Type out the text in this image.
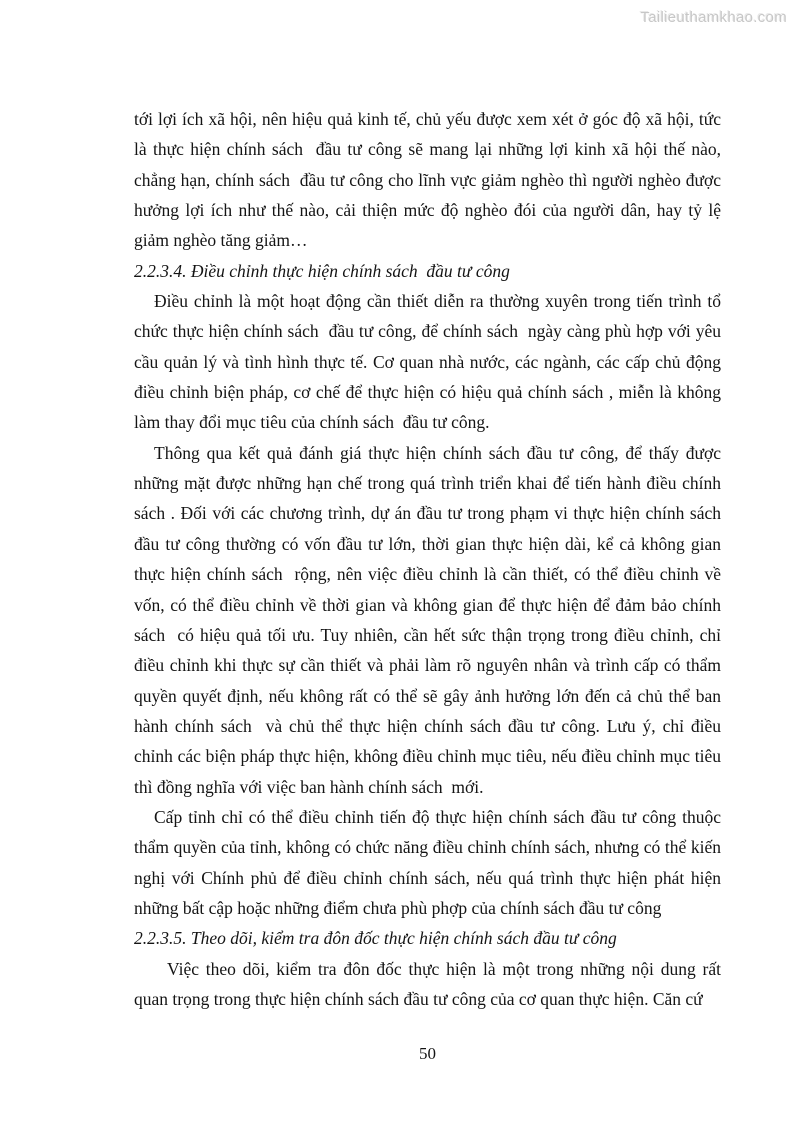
Tailieuthamkhao.com

tới lợi ích xã hội, nên hiệu quả kinh tế, chủ yếu được xem xét ở góc độ xã hội, tức là thực hiện chính sách  đầu tư công sẽ mang lại những lợi kinh xã hội thế nào, chẳng hạn, chính sách  đầu tư công cho lĩnh vực giảm nghèo thì người nghèo được hưởng lợi ích như thế nào, cải thiện mức độ nghèo đói của người dân, hay tỷ lệ giảm nghèo tăng giảm…

2.2.3.4. Điều chỉnh thực hiện chính sách  đầu tư công

Điều chỉnh là một hoạt động cần thiết diễn ra thường xuyên trong tiến trình tổ chức thực hiện chính sách  đầu tư công, để chính sách  ngày càng phù hợp với yêu cầu quản lý và tình hình thực tế. Cơ quan nhà nước, các ngành, các cấp chủ động điều chỉnh biện pháp, cơ chế để thực hiện có hiệu quả chính sách , miễn là không làm thay đổi mục tiêu của chính sách  đầu tư công.

Thông qua kết quả đánh giá thực hiện chính sách đầu tư công, để thấy được những mặt được những hạn chế trong quá trình triển khai để tiến hành điều chính sách . Đối với các chương trình, dự án đầu tư trong phạm vi thực hiện chính sách đầu tư công thường có vốn đầu tư lớn, thời gian thực hiện dài, kể cả không gian thực hiện chính sách  rộng, nên việc điều chỉnh là cần thiết, có thể điều chỉnh về vốn, có thể điều chỉnh về thời gian và không gian để thực hiện để đảm bảo chính sách  có hiệu quả tối ưu. Tuy nhiên, cần hết sức thận trọng trong điều chỉnh, chỉ điều chỉnh khi thực sự cần thiết và phải làm rõ nguyên nhân và trình cấp có thẩm quyền quyết định, nếu không rất có thể sẽ gây ảnh hưởng lớn đến cả chủ thể ban hành chính sách  và chủ thể thực hiện chính sách đầu tư công. Lưu ý, chỉ điều chỉnh các biện pháp thực hiện, không điều chỉnh mục tiêu, nếu điều chỉnh mục tiêu thì đồng nghĩa với việc ban hành chính sách  mới.

Cấp tỉnh chỉ có thể điều chỉnh tiến độ thực hiện chính sách đầu tư công thuộc thẩm quyền của tỉnh, không có chức năng điều chỉnh chính sách, nhưng có thể kiến nghị với Chính phủ để điều chỉnh chính sách, nếu quá trình thực hiện phát hiện những bất cập hoặc những điểm chưa phù phợp của chính sách đầu tư công

2.2.3.5. Theo dõi, kiểm tra đôn đốc thực hiện chính sách đầu tư công

Việc theo dõi, kiểm tra đôn đốc thực hiện là một trong những nội dung rất quan trọng trong thực hiện chính sách đầu tư công của cơ quan thực hiện. Căn cứ

50
